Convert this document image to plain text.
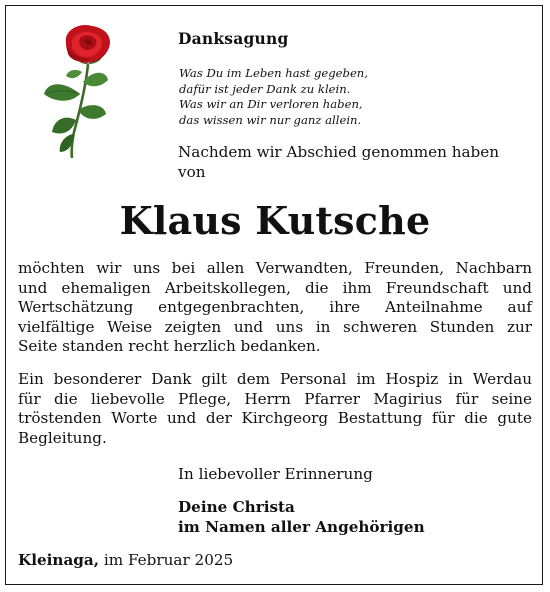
Danksagung
Was Du im Leben hast gegeben,
dafür ist jeder Dank zu klein.
Was wir an Dir verloren haben,
das wissen wir nur ganz allein.
Nachdem wir Abschied genommen haben
von
Klaus Kutsche
möchten wir uns bei allen Verwandten, Freunden, Nachbarn
und ehemaligen Arbeitskollegen, die ihm Freundschaft und
Wertschätzung entgegenbrachten, ihre Anteilnahme auf
vielfältige Weise zeigten und uns in schweren Stunden zur
Seite standen recht herzlich bedanken.
Ein besonderer Dank gilt dem Personal im Hospiz in Werdau
für die liebevolle Pflege, Herrn Pfarrer Magirius für seine
tröstenden Worte und der Kirchgeorg Bestattung für die gute
Begleitung.
In liebevoller Erinnerung
Deine Christa
im Namen aller Angehörigen
Kleinaga, im Februar 2025
